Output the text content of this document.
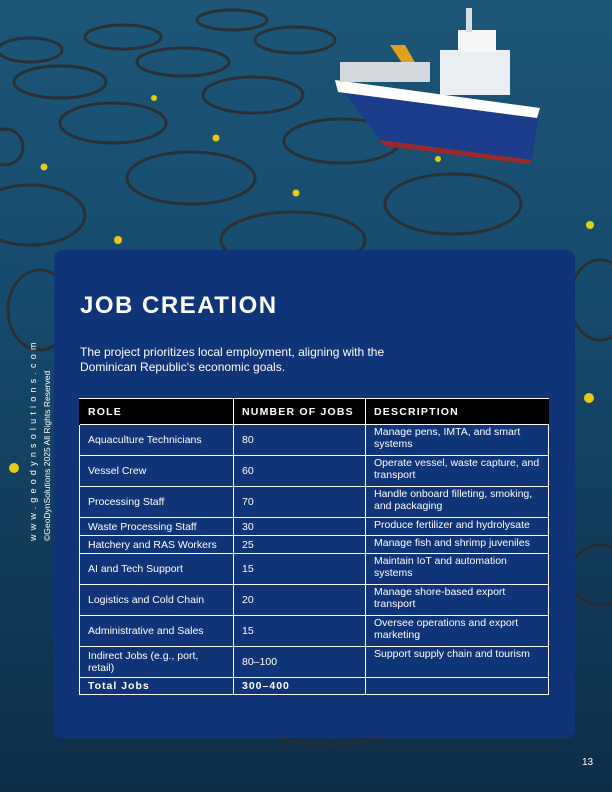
JOB CREATION

The project prioritizes local employment, aligning with the Dominican Republic's economic goals.

ROLE	NUMBER OF JOBS	DESCRIPTION
Aquaculture Technicians	80	Manage pens, IMTA, and smart systems
Vessel Crew	60	Operate vessel, waste capture, and transport
Processing Staff	70	Handle onboard filleting, smoking, and packaging
Waste Processing Staff	30	Produce fertilizer and hydrolysate
Hatchery and RAS Workers	25	Manage fish and shrimp juveniles
AI and Tech Support	15	Maintain IoT and automation systems
Logistics and Cold Chain	20	Manage shore-based export transport
Administrative and Sales	15	Oversee operations and export marketing
Indirect Jobs (e.g., port, retail)	80–100	Support supply chain and tourism
Total Jobs	300–400	
www.geodynsolutions.com ©GeoDynSolutions 2025 All Rights Reserved
13
